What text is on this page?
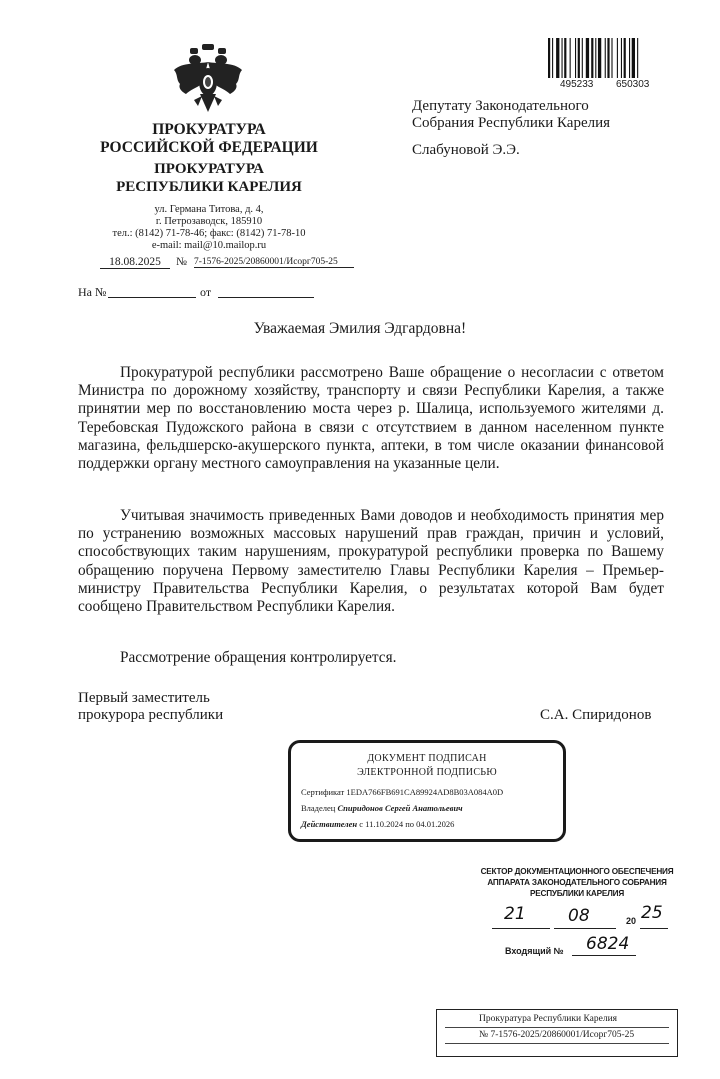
ПРОКУРАТУРА
РОССИЙСКОЙ ФЕДЕРАЦИИ
ПРОКУРАТУРА
РЕСПУБЛИКИ КАРЕЛИЯ
ул. Германа Титова, д. 4,
г. Петрозаводск, 185910
тел.: (8142) 71-78-46; факс: (8142) 71-78-10
e-mail: mail@10.mailop.ru
18.08.2025	№ 7-1576-2025/20860001/Исорг705-25
На №	от
495233 650303
Депутату Законодательного
Собрания Республики Карелия
Слабуновой Э.Э.
Уважаемая Эмилия Эдгардовна!
Прокуратурой республики рассмотрено Ваше обращение о несогласии с ответом Министра по дорожному хозяйству, транспорту и связи Республики Карелия, а также принятии мер по восстановлению моста через р. Шалица, используемого жителями д. Теребовская Пудожского района в связи с отсутствием в данном населенном пункте магазина, фельдшерско-акушерского пункта, аптеки, в том числе оказании финансовой поддержки органу местного самоуправления на указанные цели.
Учитывая значимость приведенных Вами доводов и необходимость принятия мер по устранению возможных массовых нарушений прав граждан, причин и условий, способствующих таким нарушениям, прокуратурой республики проверка по Вашему обращению поручена Первому заместителю Главы Республики Карелия – Премьер-министру Правительства Республики Карелия, о результатах которой Вам будет сообщено Правительством Республики Карелия.
Рассмотрение обращения контролируется.
Первый заместитель
прокурора республики	С.А. Спиридонов
ДОКУМЕНТ ПОДПИСАН
ЭЛЕКТРОННОЙ ПОДПИСЬЮ
Сертификат 1EDA766FB691CA89924AD8B03A084A0D
Владелец Спиридонов Сергей Анатольевич
Действителен с 11.10.2024 по 04.01.2026
СЕКТОР ДОКУМЕНТАЦИОННОГО ОБЕСПЕЧЕНИЯ
АППАРАТА ЗАКОНОДАТЕЛЬНОГО СОБРАНИЯ
РЕСПУБЛИКИ КАРЕЛИЯ
21 08	20 25
Входящий № 6824
Прокуратура Республики Карелия
№ 7-1576-2025/20860001/Исорг705-25
